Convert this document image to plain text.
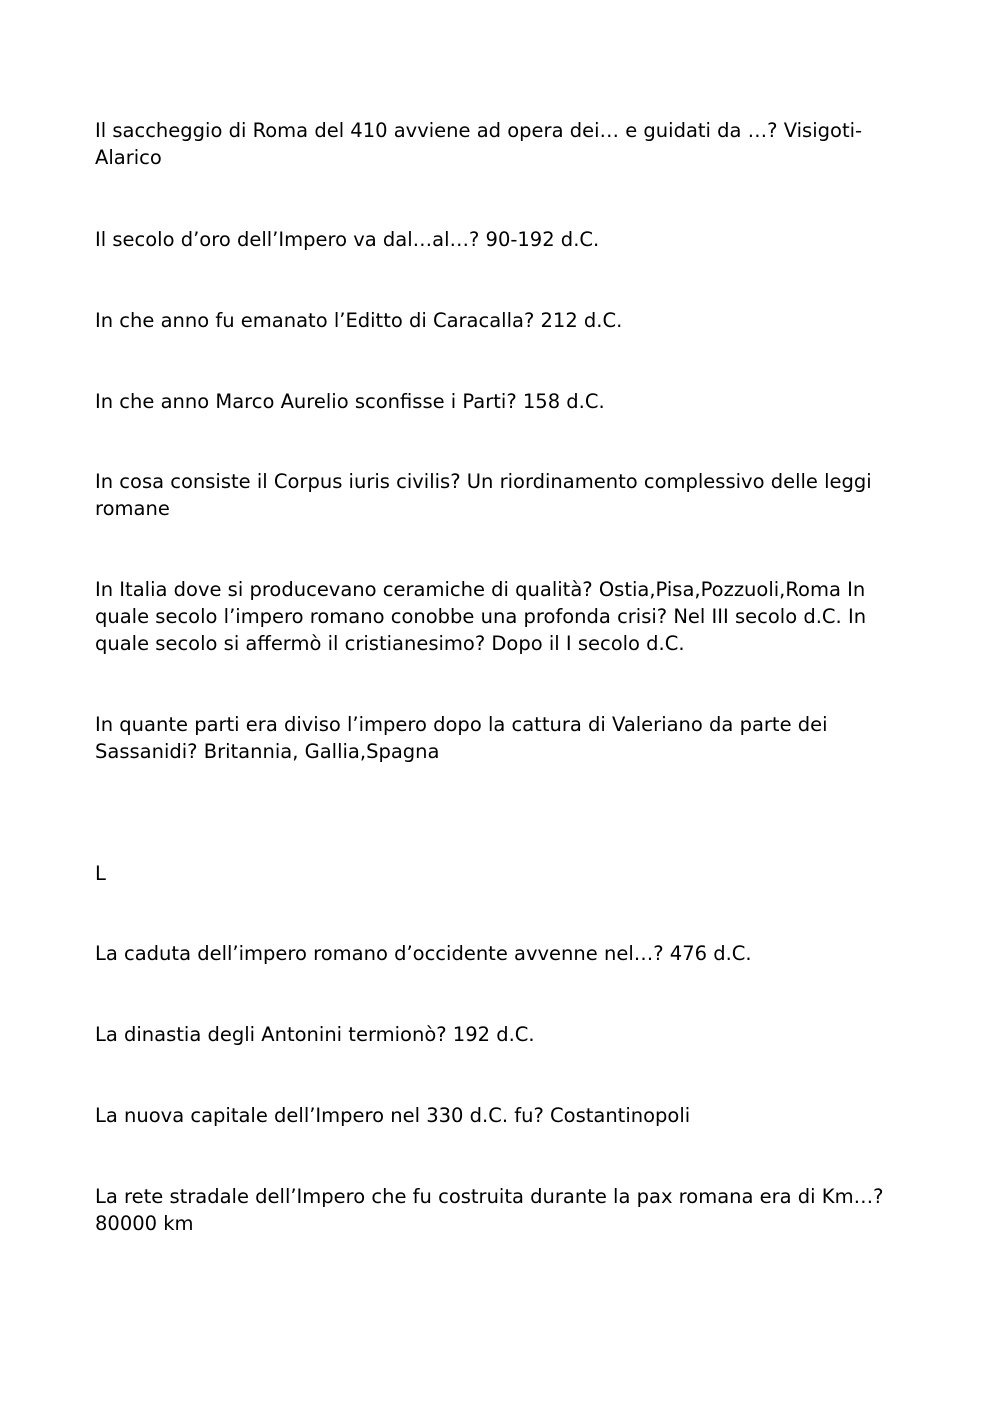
Il saccheggio di Roma del 410 avviene ad opera dei… e guidati da …? Visigoti-Alarico

Il secolo d’oro dell’Impero va dal…al…? 90-192 d.C.

In che anno fu emanato l’Editto di Caracalla? 212 d.C.

In che anno Marco Aurelio sconfisse i Parti? 158 d.C.

In cosa consiste il Corpus iuris civilis? Un riordinamento complessivo delle leggi romane

In Italia dove si producevano ceramiche di qualità? Ostia,Pisa,Pozzuoli,Roma In quale secolo l’impero romano conobbe una profonda crisi? Nel III secolo d.C. In quale secolo si affermò il cristianesimo? Dopo il I secolo d.C.

In quante parti era diviso l’impero dopo la cattura di Valeriano da parte dei Sassanidi? Britannia, Gallia,Spagna

L

La caduta dell’impero romano d’occidente avvenne nel…? 476 d.C.

La dinastia degli Antonini termionò? 192 d.C.

La nuova capitale dell’Impero nel 330 d.C. fu? Costantinopoli

La rete stradale dell’Impero che fu costruita durante la pax romana era di Km…? 80000 km
